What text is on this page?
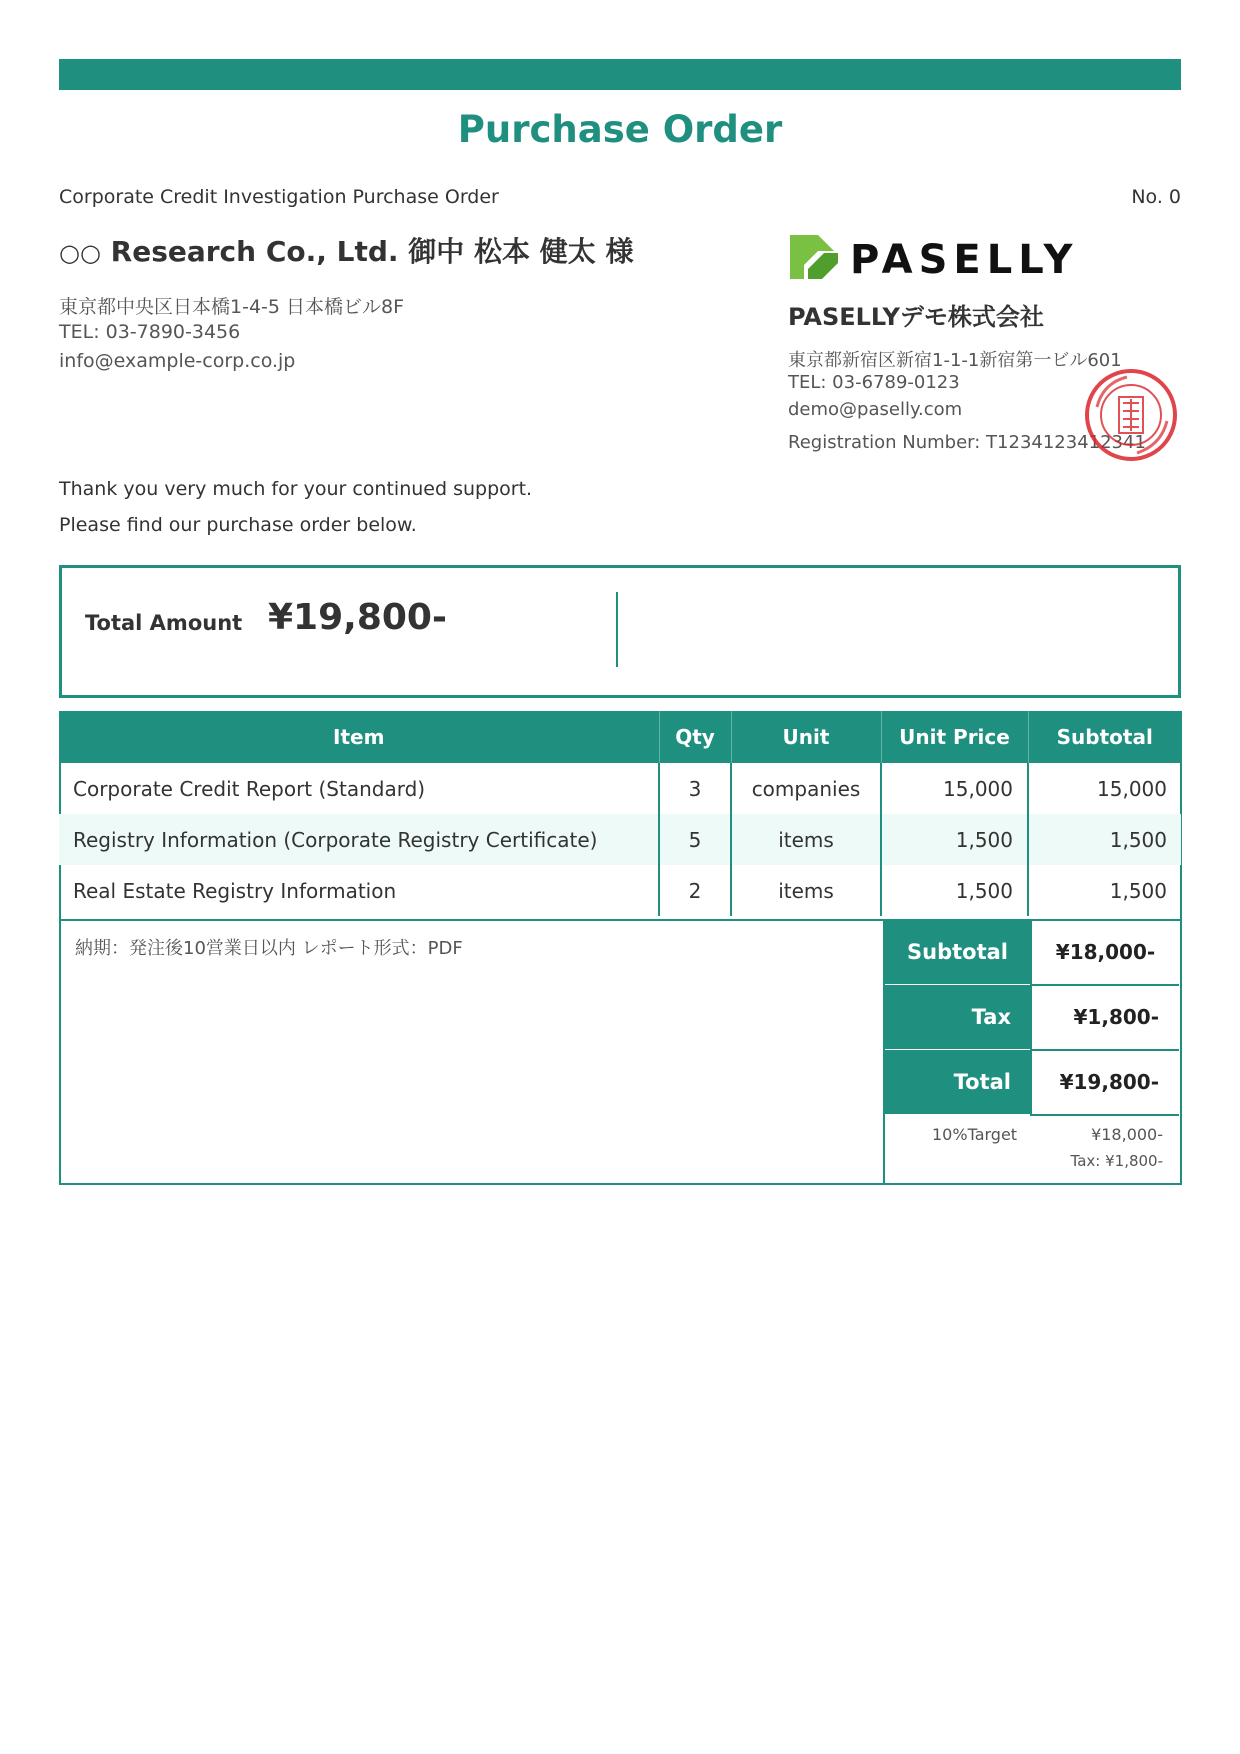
Purchase Order
Corporate Credit Investigation Purchase Order	No. 0
○○ Research Co., Ltd. 御中 松本 健太 様
東京都中央区日本橋1-4-5 日本橋ビル8F
TEL: 03-7890-3456
info@example-corp.co.jp
PASELLY
PASELLYデモ株式会社
東京都新宿区新宿1-1-1新宿第一ビル601
TEL: 03-6789-0123
demo@paselly.com
Registration Number: T1234123412341
Thank you very much for your continued support.
Please find our purchase order below.
Total Amount ¥19,800-
Item	Qty	Unit	Unit Price	Subtotal
Corporate Credit Report (Standard)	3	companies	15,000	15,000
Registry Information (Corporate Registry Certificate)	5	items	1,500	1,500
Real Estate Registry Information	2	items	1,500	1,500
納期：発注後10営業日以内 レポート形式：PDF	Subtotal	¥18,000-
Tax	¥1,800-
Total	¥19,800-
10%Target	¥18,000-
Tax: ¥1,800-
